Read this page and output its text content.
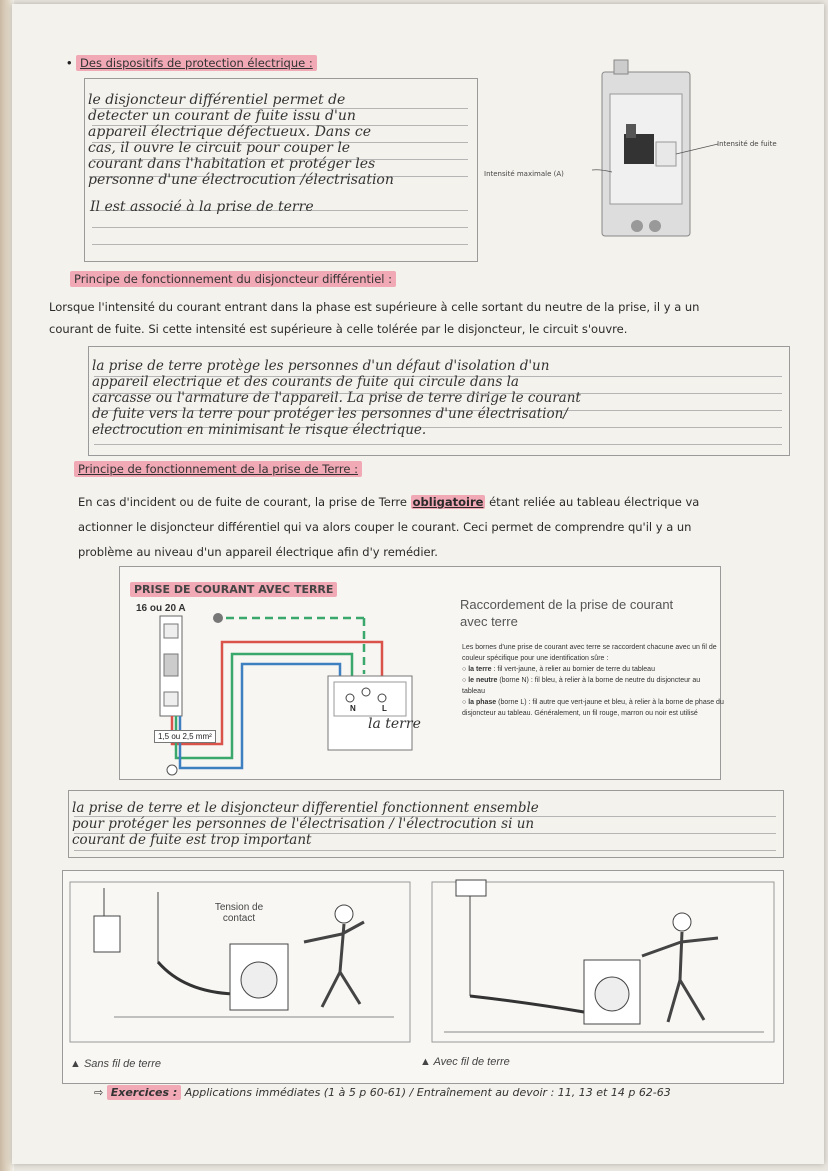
• Des dispositifs de protection électrique :
le disjoncteur différentiel permet de
detecter un courant de fuite issu d'un
appareil électrique défectueux. Dans ce
cas, il ouvre le circuit pour couper le
courant dans l'habitation et protéger les
personne d'une électrocution /électrisation
Il est associé à la prise de terre
Intensité de fuite
Intensité maximale (A)
Principe de fonctionnement du disjoncteur différentiel :
Lorsque l'intensité du courant entrant dans la phase est supérieure à celle sortant du neutre de la prise, il y a un
courant de fuite. Si cette intensité est supérieure à celle tolérée par le disjoncteur, le circuit s'ouvre.
la prise de terre protège les personnes d'un défaut d'isolation d'un
appareil electrique et des courants de fuite qui circule dans la
carcasse ou l'armature de l'appareil. La prise de terre dirige le courant
de fuite vers la terre pour protéger les personnes d'une électrisation/
electrocution en minimisant le risque électrique.
Principe de fonctionnement de la prise de Terre :
En cas d'incident ou de fuite de courant, la prise de Terre obligatoire étant reliée au tableau électrique va
actionner le disjoncteur différentiel qui va alors couper le courant. Ceci permet de comprendre qu'il y a un
problème au niveau d'un appareil électrique afin d'y remédier.
PRISE DE COURANT AVEC TERRE
16 ou 20 A
N	L
la terre
1,5 ou 2,5 mm²
Raccordement de la prise de courant avec terre
Les bornes d'une prise de courant avec terre se raccordent chacune avec un fil de couleur spécifique pour une identification sûre :
○ la terre : fil vert-jaune, à relier au bornier de terre du tableau
○ le neutre (borne N) : fil bleu, à relier à la borne de neutre du disjoncteur au tableau
○ la phase (borne L) : fil autre que vert-jaune et bleu, à relier à la borne de phase du disjoncteur au tableau. Généralement, un fil rouge, marron ou noir est utilisé
la prise de terre et le disjoncteur differentiel fonctionnent ensemble
pour protéger les personnes de l'électrisation / l'électrocution si un
courant de fuite est trop important
Tension de contact
▲ Sans fil de terre	▲ Avec fil de terre
⇨ Exercices : Applications immédiates (1 à 5 p 60-61) / Entraînement au devoir : 11, 13 et 14 p 62-63
